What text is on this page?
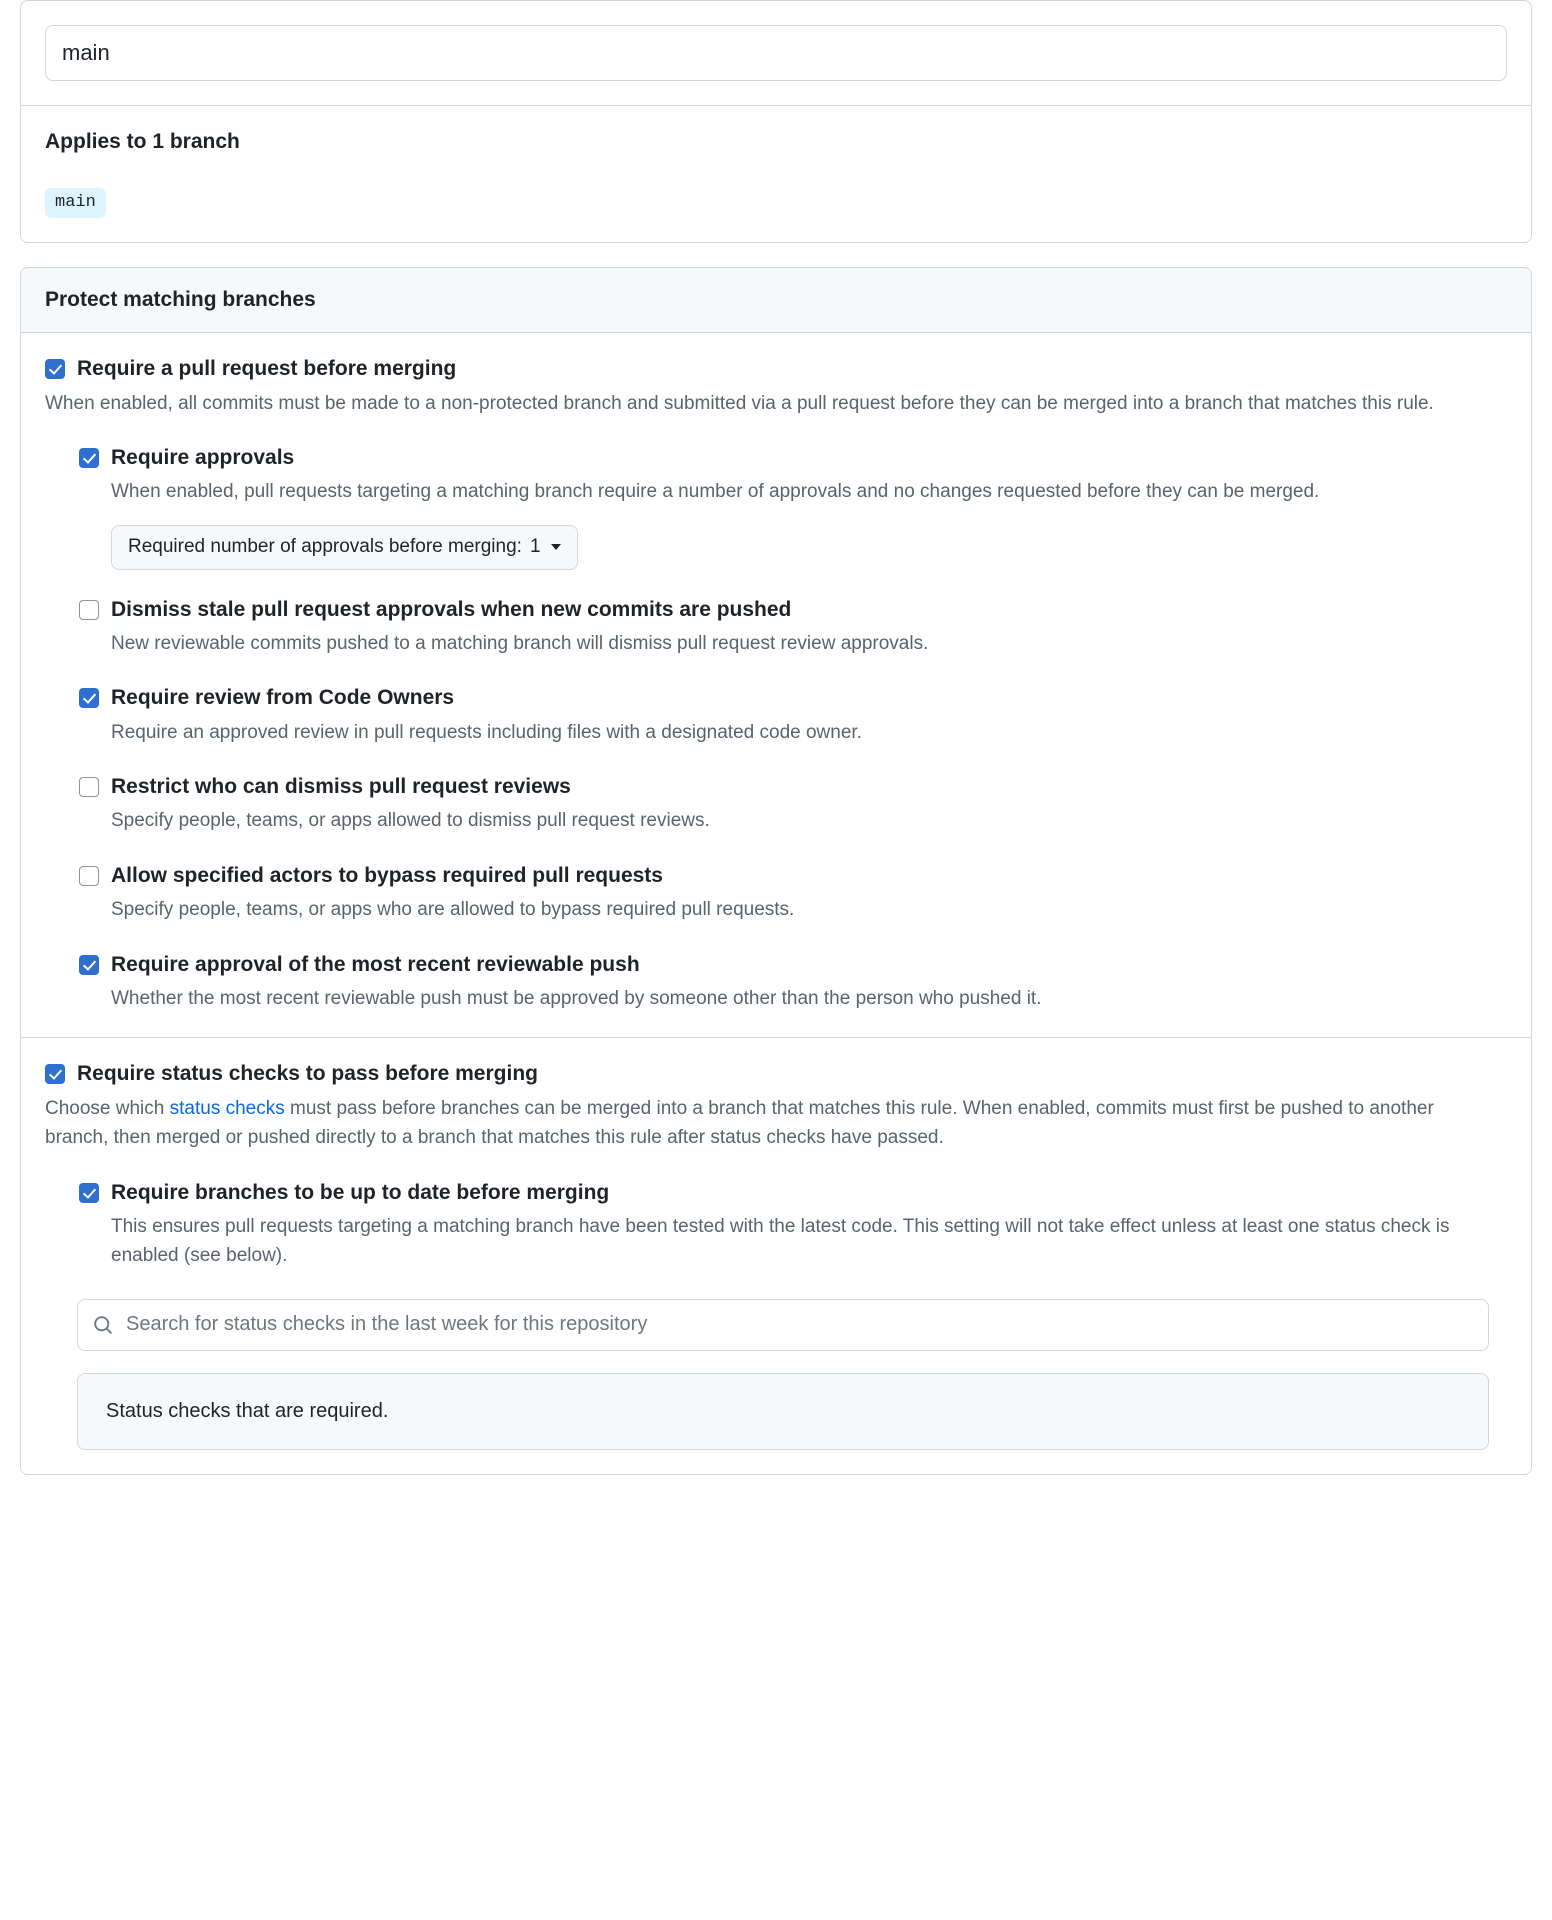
main
Applies to 1 branch
main
Protect matching branches
Require a pull request before merging

When enabled, all commits must be made to a non-protected branch and submitted via a pull request before they can be merged into a branch that matches this rule.

Require approvals

When enabled, pull requests targeting a matching branch require a number of approvals and no changes requested before they can be merged.

Required number of approvals before merging: 1
Dismiss stale pull request approvals when new commits are pushed

New reviewable commits pushed to a matching branch will dismiss pull request review approvals.

Require review from Code Owners

Require an approved review in pull requests including files with a designated code owner.

Restrict who can dismiss pull request reviews

Specify people, teams, or apps allowed to dismiss pull request reviews.

Allow specified actors to bypass required pull requests

Specify people, teams, or apps who are allowed to bypass required pull requests.

Require approval of the most recent reviewable push

Whether the most recent reviewable push must be approved by someone other than the person who pushed it.

Require status checks to pass before merging

Choose which status checks must pass before branches can be merged into a branch that matches this rule. When enabled, commits must first be pushed to another branch, then merged or pushed directly to a branch that matches this rule after status checks have passed.

Require branches to be up to date before merging

This ensures pull requests targeting a matching branch have been tested with the latest code. This setting will not take effect unless at least one status check is enabled (see below).

Search for status checks in the last week for this repository
Status checks that are required.
